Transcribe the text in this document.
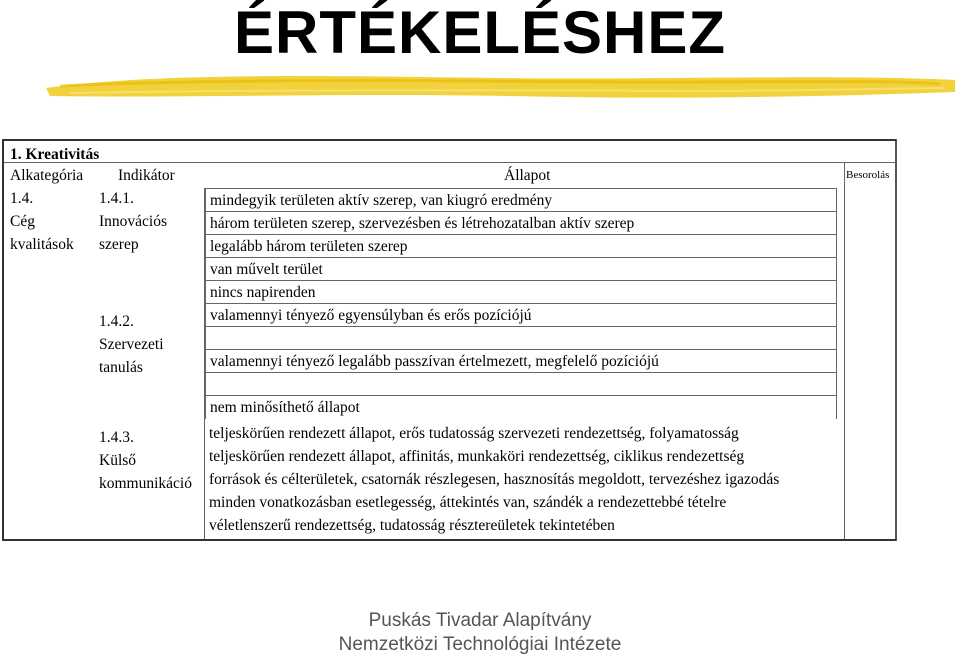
ÉRTÉKELÉSHEZ
1. Kreativitás
Alkategória Indikátor	Állapot	Besorolás
1.4.
Cég
kvalitások
1.4.1.
Innovációs
szerep
1.4.2.
Szervezeti
tanulás
1.4.3.
Külső
kommunikáció
mindegyik területen aktív szerep, van kiugró eredmény
három területen szerep, szervezésben és létrehozatalban aktív szerep
legalább három területen szerep
van művelt terület
nincs napirenden
valamennyi tényező egyensúlyban és erős pozíciójú
valamennyi tényező legalább passzívan értelmezett, megfelelő pozíciójú
nem minősíthető állapot
teljeskörűen rendezett állapot, erős tudatosság szervezeti rendezettség, folyamatosság
teljeskörűen rendezett állapot, affinitás, munkaköri rendezettség, ciklikus rendezettség
források és célterületek, csatornák részlegesen, hasznosítás megoldott, tervezéshez igazodás
minden vonatkozásban esetlegesség, áttekintés van, szándék a rendezettebbé tételre
véletlenszerű rendezettség, tudatosság résztereületek tekintetében
Puskás Tivadar Alapítvány
Nemzetközi Technológiai Intézete
